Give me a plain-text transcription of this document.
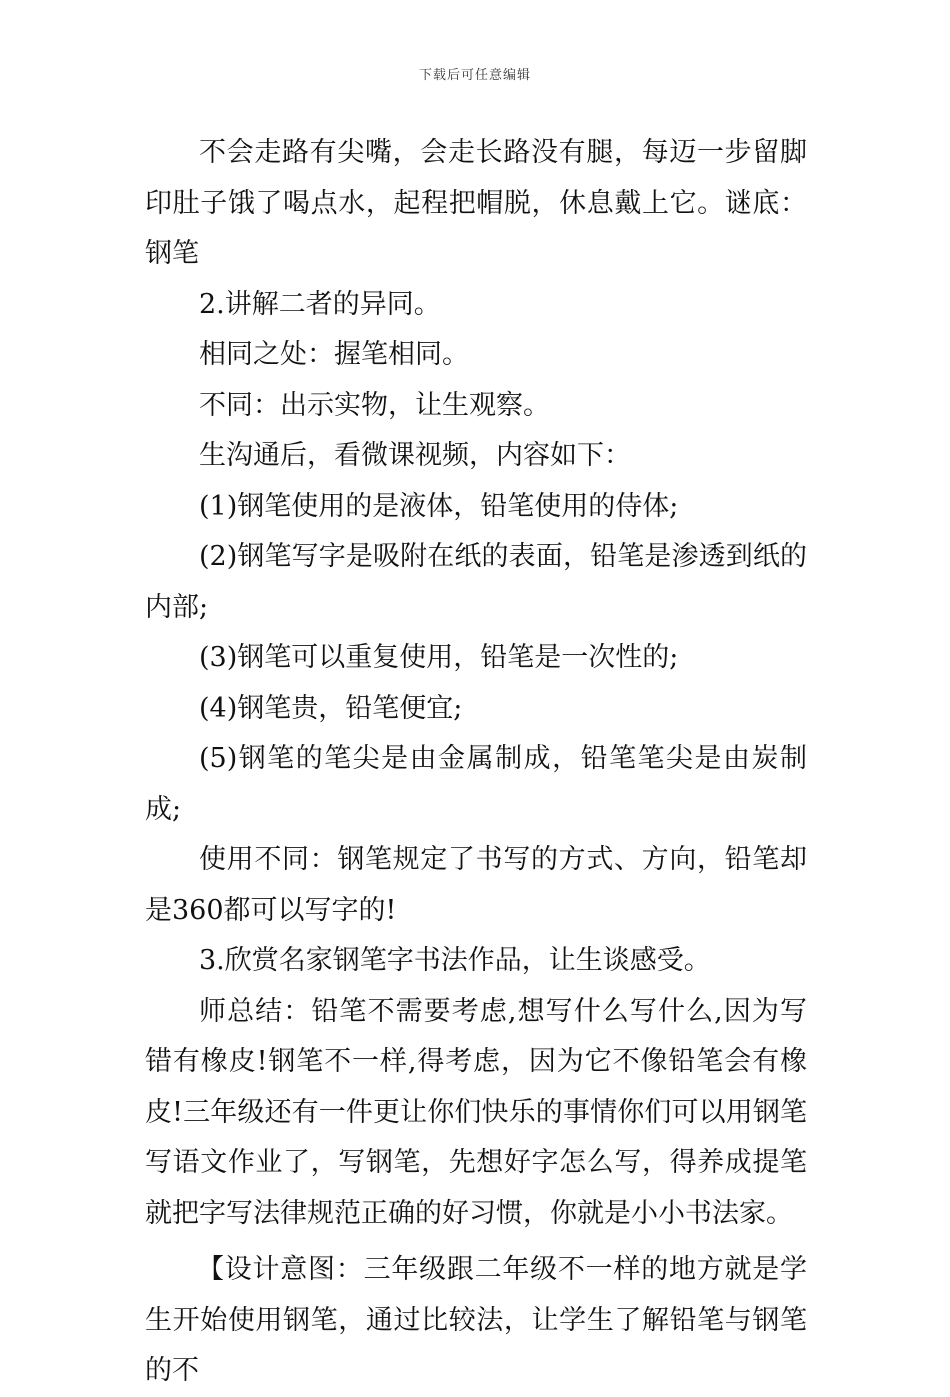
下载后可任意编辑

不会走路有尖嘴，会走长路没有腿，每迈一步留脚印肚子饿了喝点水，起程把帽脱，休息戴上它。谜底：钢笔

2.讲解二者的异同。

相同之处：握笔相同。

不同：出示实物，让生观察。

生沟通后，看微课视频，内容如下：

(1)钢笔使用的是液体，铅笔使用的侍体;

(2)钢笔写字是吸附在纸的表面，铅笔是渗透到纸的内部;

(3)钢笔可以重复使用，铅笔是一次性的;

(4)钢笔贵，铅笔便宜;

(5)钢笔的笔尖是由金属制成，铅笔笔尖是由炭制成;

使用不同：钢笔规定了书写的方式、方向，铅笔却是360都可以写字的!

3.欣赏名家钢笔字书法作品，让生谈感受。

师总结：铅笔不需要考虑,想写什么写什么,因为写错有橡皮!钢笔不一样,得考虑，因为它不像铅笔会有橡皮!三年级还有一件更让你们快乐的事情你们可以用钢笔写语文作业了，写钢笔，先想好字怎么写，得养成提笔就把字写法律规范正确的好习惯，你就是小小书法家。

【设计意图：三年级跟二年级不一样的地方就是学生开始使用钢笔，通过比较法，让学生了解铅笔与钢笔的不
